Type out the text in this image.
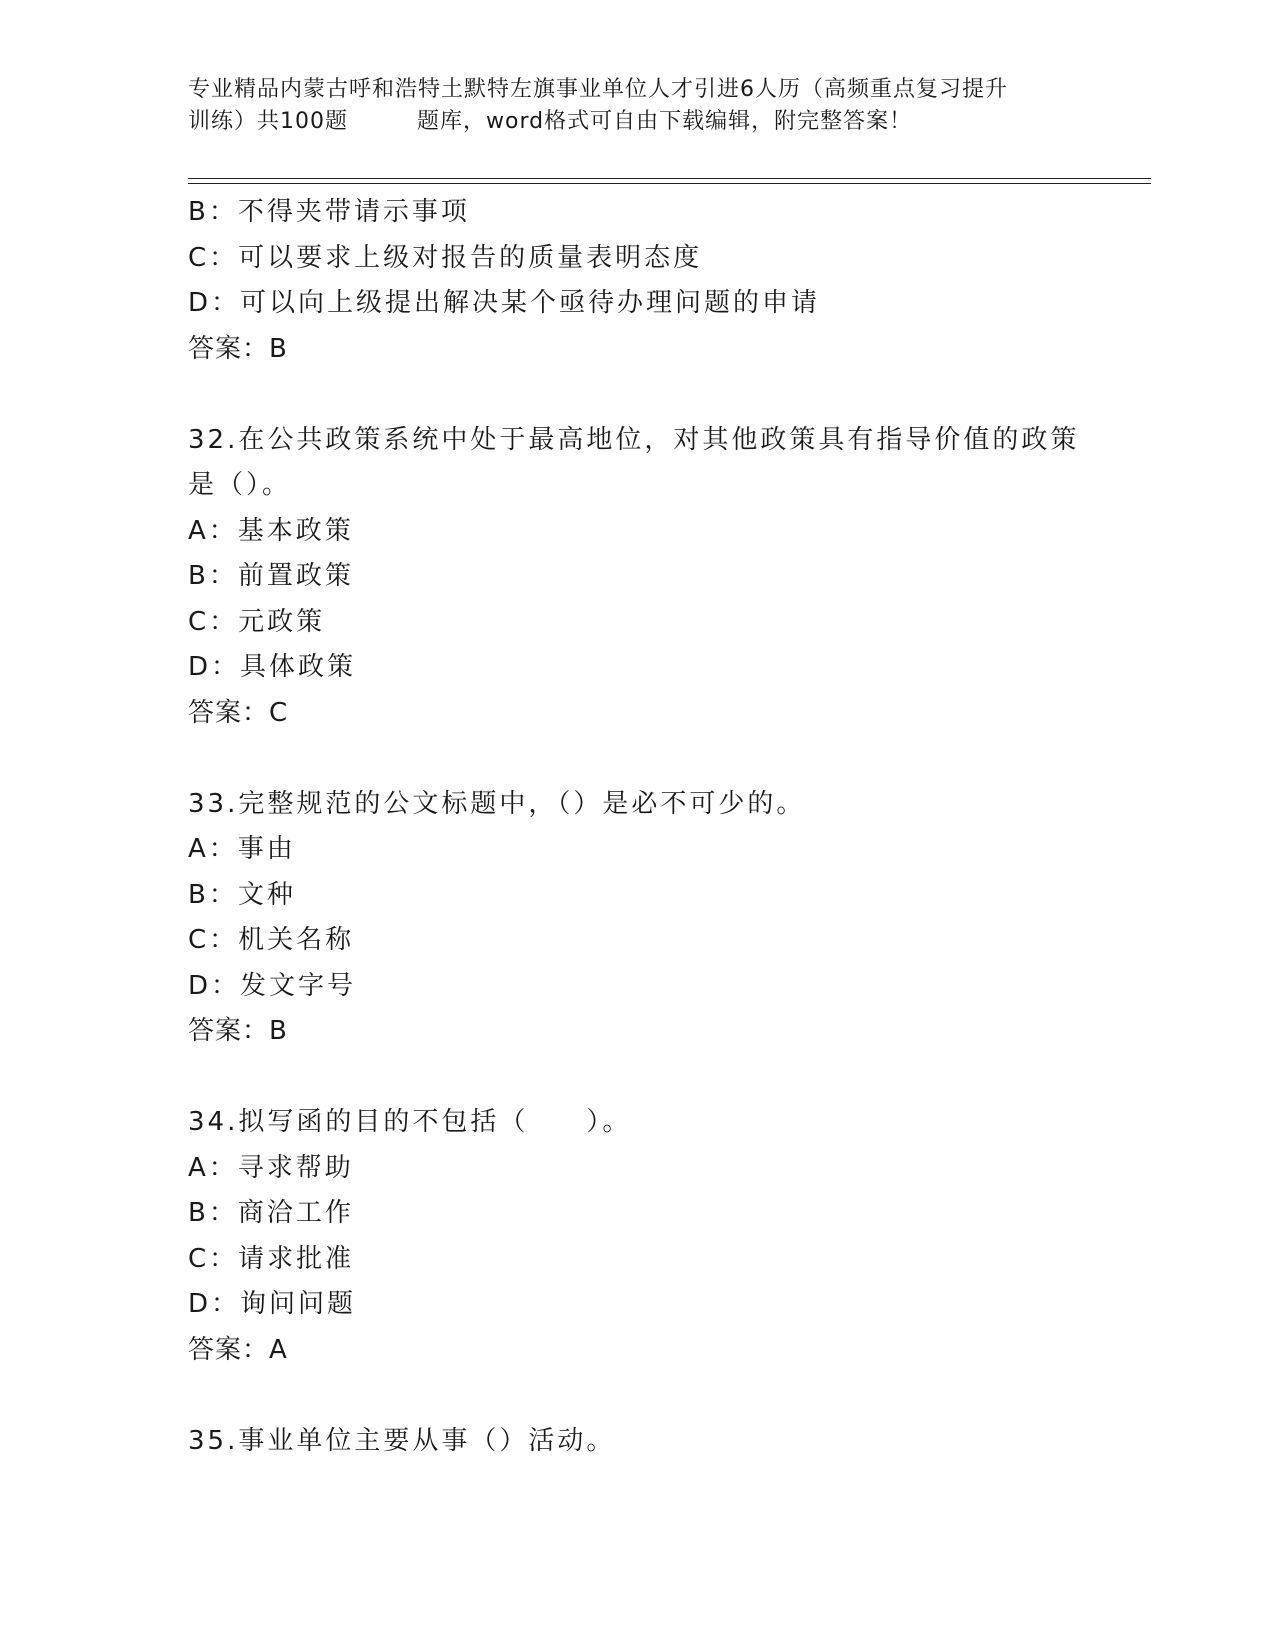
专业精品内蒙古呼和浩特土默特左旗事业单位人才引进6人历（高频重点复习提升
训练）共100题　　　题库，word格式可自由下载编辑，附完整答案！
B：不得夹带请示事项
C：可以要求上级对报告的质量表明态度
D：可以向上级提出解决某个亟待办理问题的申请
答案：B
32.在公共政策系统中处于最高地位，对其他政策具有指导价值的政策
是（）。
A：基本政策
B：前置政策
C：元政策
D：具体政策
答案：C
33.完整规范的公文标题中，（）是必不可少的。
A：事由
B：文种
C：机关名称
D：发文字号
答案：B
34.拟写函的目的不包括（　　）。
A：寻求帮助
B：商洽工作
C：请求批准
D：询问问题
答案：A
35.事业单位主要从事（）活动。
